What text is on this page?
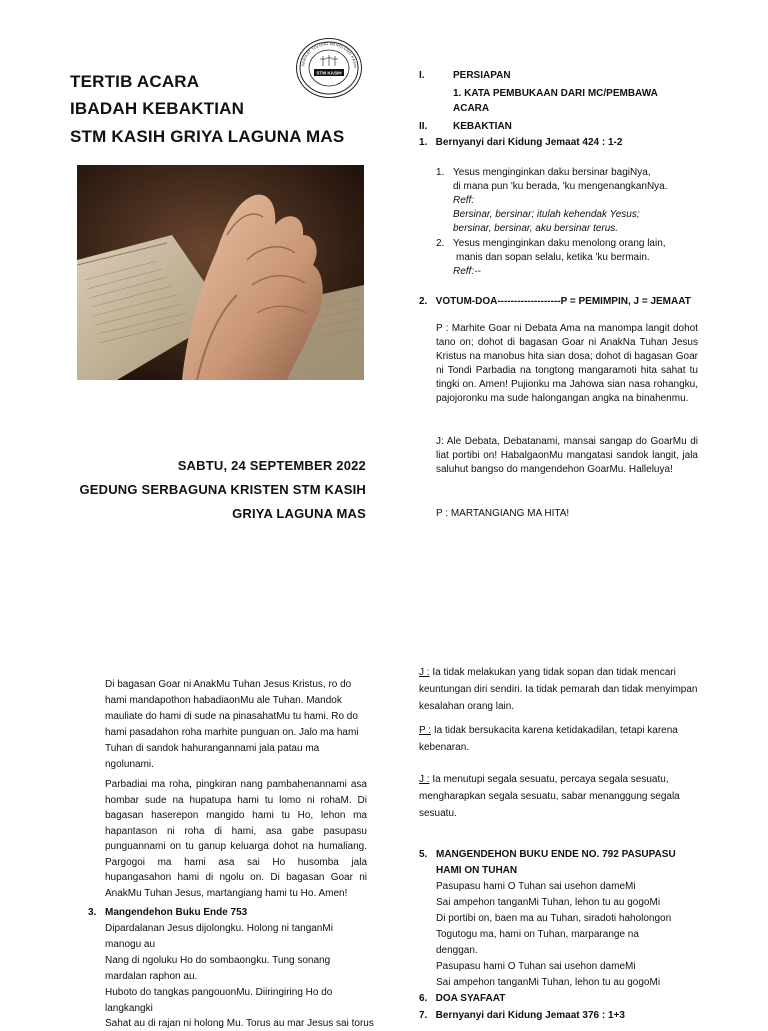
TERTIB ACARA
IBADAH KEBAKTIAN
STM KASIH GRIYA LAGUNA MAS
STM KASIH
SERIKAT TOLONG MENOLONG KASIH
SABTU, 24 SEPTEMBER 2022
GEDUNG SERBAGUNA KRISTEN STM KASIH
GRIYA LAGUNA MAS
I.	PERSIAPAN
1. KATA PEMBUKAAN DARI MC/PEMBAWA
ACARA
II.	KEBAKTIAN
1.   Bernyanyi dari Kidung Jemaat 424 : 1-2
1. Yesus menginginkan daku bersinar bagiNya,
di mana pun 'ku berada, 'ku mengenangkanNya.
Reff:
Bersinar, bersinar; itulah kehendak Yesus;
bersinar, bersinar, aku bersinar terus.
2. Yesus menginginkan daku menolong orang lain,
manis dan sopan selalu, ketika 'ku bermain.
Reff:--
2.   VOTUM-DOA-------------------P = PEMIMPIN, J = JEMAAT
P : Marhite Goar ni Debata Ama na manompa langit dohot tano on; dohot di bagasan Goar ni AnakNa Tuhan Jesus Kristus na manobus hita sian dosa; dohot di bagasan Goar ni Tondi Parbadia na tongtong mangaramoti hita sahat tu tingki on. Amen! Pujionku ma Jahowa sian nasa rohangku, pajojoronku ma sude halongangan angka na binahenmu.
J: Ale Debata, Debatanami, mansai sangap do GoarMu di liat portibi on! HabalgaonMu mangatasi sandok langit, jala saluhut bangso do mangendehon GoarMu. Halleluya!
P : MARTANGIANG MA HITA!
Di bagasan Goar ni AnakMu Tuhan Jesus Kristus, ro do hami mandapothon habadiaonMu ale Tuhan. Mandok mauliate do hami di sude na pinasahatMu tu hami. Ro do hami pasadahon roha marhite punguan on. Jalo ma hami Tuhan di sandok hahurangannami jala patau ma ngolunami.
Parbadiai ma roha, pingkiran nang pambahenannami asa hombar sude na hupatupa hami tu lomo ni rohaM. Di bagasan haserepon mangido hami tu Ho, lehon ma hapantason ni roha di hami, asa gabe pasupasu punguannami on tu ganup keluarga dohot na humaliang. Pargogoi ma hami asa sai Ho husomba jala hupangasahon hami di ngolu on. Di bagasan Goar ni AnakMu Tuhan Jesus, martangiang hami tu Ho. Amen!
3. Mangendehon Buku Ende 753
Dipardalanan Jesus dijolongku. Holong ni tanganMi
manogu au
Nang di ngoluku Ho do sombaongku. Tung sonang
mardalan raphon au.
Huboto do tangkas pangouonMu. Diiringiring Ho do
langkangki
Sahat au di rajan ni holong Mu. Torus au mar Jesus sai torus
J : Ia tidak melakukan yang tidak sopan dan tidak mencari keuntungan diri sendiri. Ia tidak pemarah dan tidak menyimpan kesalahan orang lain.
P : Ia tidak bersukacita karena ketidakadilan, tetapi karena kebenaran.
J : Ia menutupi segala sesuatu, percaya segala sesuatu, mengharapkan segala sesuatu, sabar menanggung segala sesuatu.
5. MANGENDEHON BUKU ENDE NO. 792 PASUPASU
HAMI ON TUHAN
Pasupasu hami O Tuhan sai usehon dameMi
Sai ampehon tanganMi Tuhan, lehon tu au gogoMi
Di portibi on, baen ma au Tuhan, siradoti haholongon
Togutogu ma, hami on Tuhan, marparange na
denggan.
Pasupasu hami O Tuhan sai usehon dameMi
Sai ampehon tanganMi Tuhan, lehon tu au gogoMi
6.   DOA SYAFAAT
7.   Bernyanyi dari Kidung Jemaat 376 : 1+3
